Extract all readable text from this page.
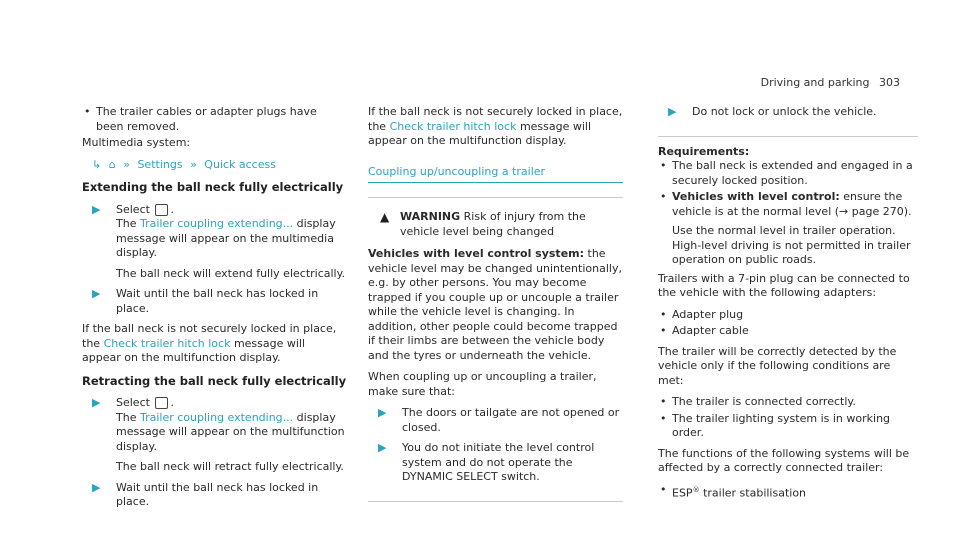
Driving and parking 303
• The trailer cables or adapter plugs have been removed.

Multimedia system:

↳ ⌂ » Settings » Quick access
Extending the ball neck fully electrically
▶ Select .
The Trailer coupling extending... display message will appear on the multimedia display.
The ball neck will extend fully electrically.
▶ Wait until the ball neck has locked in place.

If the ball neck is not securely locked in place, the Check trailer hitch lock message will appear on the multifunction display.

Retracting the ball neck fully electrically
▶ Select .
The Trailer coupling extending... display message will appear on the multifunction display.
The ball neck will retract fully electrically.
▶ Wait until the ball neck has locked in place.

If the ball neck is not securely locked in place, the Check trailer hitch lock message will appear on the multifunction display.

Coupling up/uncoupling a trailer
▲ WARNING Risk of injury from the vehicle level being changed

Vehicles with level control system: the vehicle level may be changed unintentionally, e.g. by other persons. You may become trapped if you couple up or uncouple a trailer while the vehicle level is changing. In addition, other people could become trapped if their limbs are between the vehicle body and the tyres or underneath the vehicle.

When coupling up or uncoupling a trailer, make sure that:

▶ The doors or tailgate are not opened or closed.
▶ You do not initiate the level control system and do not operate the DYNAMIC SELECT switch.
▶ Do not lock or unlock the vehicle.
Requirements:
• The ball neck is extended and engaged in a securely locked position.
• Vehicles with level control: ensure the vehicle is at the normal level (→ page 270).
Use the normal level in trailer operation. High-level driving is not permitted in trailer operation on public roads.

Trailers with a 7-pin plug can be connected to the vehicle with the following adapters:

• Adapter plug
• Adapter cable

The trailer will be correctly detected by the vehicle only if the following conditions are met:

• The trailer is connected correctly.
• The trailer lighting system is in working order.

The functions of the following systems will be affected by a correctly connected trailer:

• ESP® trailer stabilisation
